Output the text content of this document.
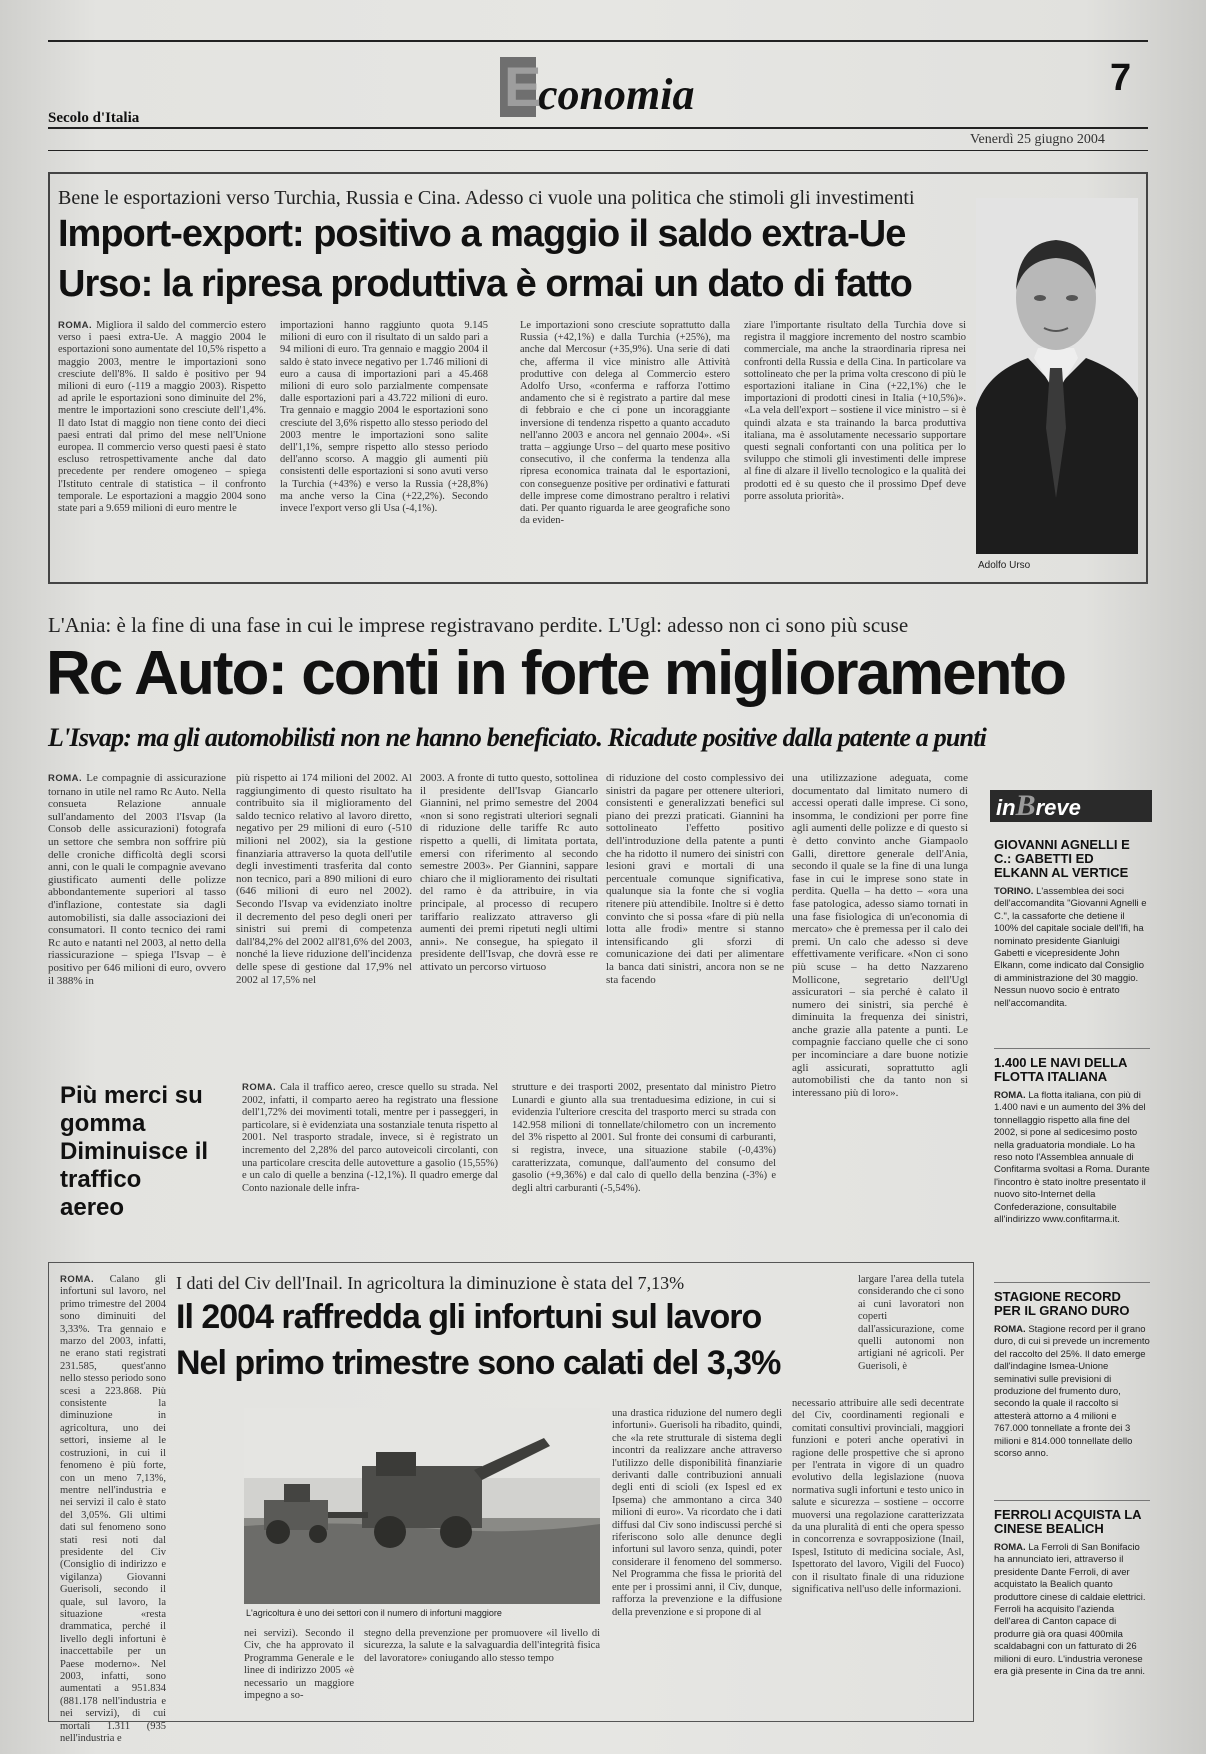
E
conomia	7
Secolo d'Italia
Venerdì 25 giugno 2004
Bene le esportazioni verso Turchia, Russia e Cina. Adesso ci vuole una politica che stimoli gli investimenti
Import-export: positivo a maggio il saldo extra-Ue
Urso: la ripresa produttiva è ormai un dato di fatto

ROMA. Migliora il saldo del commercio estero verso i paesi extra-Ue. A maggio 2004 le esportazioni sono aumentate del 10,5% rispetto a maggio 2003, mentre le importazioni sono cresciute dell'8%. Il saldo è positivo per 94 milioni di euro (-119 a maggio 2003). Rispetto ad aprile le esportazioni sono diminuite del 2%, mentre le importazioni sono cresciute dell'1,4%. Il dato Istat di maggio non tiene conto dei dieci paesi entrati dal primo del mese nell'Unione europea. Il commercio verso questi paesi è stato escluso retrospettivamente anche dal dato precedente per rendere omogeneo – spiega l'Istituto centrale di statistica – il confronto temporale. Le esportazioni a maggio 2004 sono state pari a 9.659 milioni di euro mentre le

importazioni hanno raggiunto quota 9.145 milioni di euro con il risultato di un saldo pari a 94 milioni di euro. Tra gennaio e maggio 2004 il saldo è stato invece negativo per 1.746 milioni di euro a causa di importazioni pari a 45.468 milioni di euro solo parzialmente compensate dalle esportazioni pari a 43.722 milioni di euro. Tra gennaio e maggio 2004 le esportazioni sono cresciute del 3,6% rispetto allo stesso periodo del 2003 mentre le importazioni sono salite dell'1,1%, sempre rispetto allo stesso periodo dell'anno scorso. A maggio gli aumenti più consistenti delle esportazioni si sono avuti verso la Turchia (+43%) e verso la Russia (+28,8%) ma anche verso la Cina (+22,2%). Secondo invece l'export verso gli Usa (-4,1%).

Le importazioni sono cresciute soprattutto dalla Russia (+42,1%) e dalla Turchia (+25%), ma anche dal Mercosur (+35,9%). Una serie di dati che, afferma il vice ministro alle Attività produttive con delega al Commercio estero Adolfo Urso, «conferma e rafforza l'ottimo andamento che si è registrato a partire dal mese di febbraio e che ci pone un incoraggiante inversione di tendenza rispetto a quanto accaduto nell'anno 2003 e ancora nel gennaio 2004». «Si tratta – aggiunge Urso – del quarto mese positivo consecutivo, il che conferma la tendenza alla ripresa economica trainata dal le esportazioni, con conseguenze positive per ordinativi e fatturati delle imprese come dimostrano peraltro i relativi dati. Per quanto riguarda le aree geografiche sono da eviden-

ziare l'importante risultato della Turchia dove si registra il maggiore incremento del nostro scambio commerciale, ma anche la straordinaria ripresa nei confronti della Russia e della Cina. In particolare va sottolineato che per la prima volta crescono di più le esportazioni italiane in Cina (+22,1%) che le importazioni di prodotti cinesi in Italia (+10,5%)». «La vela dell'export – sostiene il vice ministro – si è quindi alzata e sta trainando la barca produttiva italiana, ma è assolutamente necessario supportare questi segnali confortanti con una politica per lo sviluppo che stimoli gli investimenti delle imprese al fine di alzare il livello tecnologico e la qualità dei prodotti ed è su questo che il prossimo Dpef deve porre assoluta priorità».

Adolfo Urso
L'Ania: è la fine di una fase in cui le imprese registravano perdite. L'Ugl: adesso non ci sono più scuse
Rc Auto: conti in forte miglioramento
L'Isvap: ma gli automobilisti non ne hanno beneficiato. Ricadute positive dalla patente a punti

ROMA. Le compagnie di assicurazione tornano in utile nel ramo Rc Auto. Nella consueta Relazione annuale sull'andamento del 2003 l'Isvap (la Consob delle assicurazioni) fotografa un settore che sembra non soffrire più delle croniche difficoltà degli scorsi anni, con le quali le compagnie avevano giustificato aumenti delle polizze abbondantemente superiori al tasso d'inflazione, contestate sia dagli automobilisti, sia dalle associazioni dei consumatori. Il conto tecnico dei rami Rc auto e natanti nel 2003, al netto della riassicurazione – spiega l'Isvap – è positivo per 646 milioni di euro, ovvero il 388% in

più rispetto ai 174 milioni del 2002. Al raggiungimento di questo risultato ha contribuito sia il miglioramento del saldo tecnico relativo al lavoro diretto, negativo per 29 milioni di euro (-510 milioni nel 2002), sia la gestione finanziaria attraverso la quota dell'utile degli investimenti trasferita dal conto non tecnico, pari a 890 milioni di euro (646 milioni di euro nel 2002). Secondo l'Isvap va evidenziato inoltre il decremento del peso degli oneri per sinistri sui premi di competenza dall'84,2% del 2002 all'81,6% del 2003, nonché la lieve riduzione dell'incidenza delle spese di gestione dal 17,9% nel 2002 al 17,5% nel

2003. A fronte di tutto questo, sottolinea il presidente dell'Isvap Giancarlo Giannini, nel primo semestre del 2004 «non si sono registrati ulteriori segnali di riduzione delle tariffe Rc auto rispetto a quelli, di limitata portata, emersi con riferimento al secondo semestre 2003». Per Giannini, sappare chiaro che il miglioramento dei risultati del ramo è da attribuire, in via principale, al processo di recupero tariffario realizzato attraverso gli aumenti dei premi ripetuti negli ultimi anni». Ne consegue, ha spiegato il presidente dell'Isvap, che dovrà esse re attivato un percorso virtuoso

di riduzione del costo complessivo dei sinistri da pagare per ottenere ulteriori, consistenti e generalizzati benefici sul piano dei prezzi praticati. Giannini ha sottolineato l'effetto positivo dell'introduzione della patente a punti che ha ridotto il numero dei sinistri con lesioni gravi e mortali di una percentuale comunque significativa, qualunque sia la fonte che si voglia ritenere più attendibile. Inoltre si è detto convinto che si possa «fare di più nella lotta alle frodi» mentre si stanno intensificando gli sforzi di comunicazione dei dati per alimentare la banca dati sinistri, ancora non se ne sta facendo

una utilizzazione adeguata, come documentato dal limitato numero di accessi operati dalle imprese. Ci sono, insomma, le condizioni per porre fine agli aumenti delle polizze e di questo si è detto convinto anche Giampaolo Galli, direttore generale dell'Ania, secondo il quale se la fine di una lunga fase in cui le imprese sono state in perdita. Quella – ha detto – «ora una fase patologica, adesso siamo tornati in una fase fisiologica di un'economia di mercato» che è premessa per il calo dei premi. Un calo che adesso si deve effettivamente verificare. «Non ci sono più scuse – ha detto Nazzareno Mollicone, segretario dell'Ugl assicuratori – sia perché è calato il numero dei sinistri, sia perché è diminuita la frequenza dei sinistri, anche grazie alla patente a punti. Le compagnie facciano quelle che ci sono per incominciare a dare buone notizie agli assicurati, soprattutto agli automobilisti che da tanto non si interessano più di loro».

Più merci su gomma Diminuisce il traffico aereo

ROMA. Cala il traffico aereo, cresce quello su strada. Nel 2002, infatti, il comparto aereo ha registrato una flessione dell'1,72% dei movimenti totali, mentre per i passeggeri, in particolare, si è evidenziata una sostanziale tenuta rispetto al 2001. Nel trasporto stradale, invece, si è registrato un incremento del 2,28% del parco autoveicoli circolanti, con una particolare crescita delle autovetture a gasolio (15,55%) e un calo di quelle a benzina (-12,1%). Il quadro emerge dal Conto nazionale delle infra-

strutture e dei trasporti 2002, presentato dal ministro Pietro Lunardi e giunto alla sua trentaduesima edizione, in cui si evidenzia l'ulteriore crescita del trasporto merci su strada con 142.958 milioni di tonnellate/chilometro con un incremento del 3% rispetto al 2001. Sul fronte dei consumi di carburanti, si registra, invece, una situazione stabile (-0,43%) caratterizzata, comunque, dall'aumento del consumo del gasolio (+9,36%) e dal calo di quello della benzina (-3%) e degli altri carburanti (-5,54%).

inBreve

GIOVANNI AGNELLI E C.: GABETTI ED ELKANN AL VERTICE

TORINO. L'assemblea dei soci dell'accomandita "Giovanni Agnelli e C.", la cassaforte che detiene il 100% del capitale sociale dell'Ifi, ha nominato presidente Gianluigi Gabetti e vicepresidente John Elkann, come indicato dal Consiglio di amministrazione del 30 maggio. Nessun nuovo socio è entrato nell'accomandita.

1.400 LE NAVI DELLA FLOTTA ITALIANA

ROMA. La flotta italiana, con più di 1.400 navi e un aumento del 3% del tonnellaggio rispetto alla fine del 2002, si pone al sedicesimo posto nella graduatoria mondiale. Lo ha reso noto l'Assemblea annuale di Confitarma svoltasi a Roma. Durante l'incontro è stato inoltre presentato il nuovo sito-Internet della Confederazione, consultabile all'indirizzo www.confitarma.it.

STAGIONE RECORD PER IL GRANO DURO

ROMA. Stagione record per il grano duro, di cui si prevede un incremento del raccolto del 25%. Il dato emerge dall'indagine Ismea-Unione seminativi sulle previsioni di produzione del frumento duro, secondo la quale il raccolto si attesterà attorno a 4 milioni e 767.000 tonnellate a fronte dei 3 milioni e 814.000 tonnellate dello scorso anno.

FERROLI ACQUISTA LA CINESE BEALICH

ROMA. La Ferroli di San Bonifacio ha annunciato ieri, attraverso il presidente Dante Ferroli, di aver acquistato la Bealich quanto produttore cinese di caldaie elettrici. Ferroli ha acquisito l'azienda dell'area di Canton capace di produrre già ora quasi 400mila scaldabagni con un fatturato di 26 milioni di euro. L'industria veronese era già presente in Cina da tre anni.

ROMA. Calano gli infortuni sul lavoro, nel primo trimestre del 2004 sono diminuiti del 3,33%. Tra gennaio e marzo del 2003, infatti, ne erano stati registrati 231.585, quest'anno nello stesso periodo sono scesi a 223.868. Più consistente la diminuzione in agricoltura, uno dei settori, insieme al le costruzioni, in cui il fenomeno è più forte, con un meno 7,13%, mentre nell'industria e nei servizi il calo è stato del 3,05%. Gli ultimi dati sul fenomeno sono stati resi noti dal presidente del Civ (Consiglio di indirizzo e vigilanza) Giovanni Guerisoli, secondo il quale, sul lavoro, la situazione «resta drammatica, perché il livello degli infortuni è inaccettabile per un Paese moderno». Nel 2003, infatti, sono aumentati a 951.834 (881.178 nell'industria e nei servizi), di cui mortali 1.311 (935 nell'industria e

I dati del Civ dell'Inail. In agricoltura la diminuzione è stata del 7,13%
Il 2004 raffredda gli infortuni sul lavoro
Nel primo trimestre sono calati del 3,3%

largare l'area della tutela considerando che ci sono ai cuni lavoratori non coperti dall'assicurazione, come quelli autonomi non artigiani né agricoli. Per Guerisoli, è

L'agricoltura è uno dei settori con il numero di infortuni maggiore

nei servizi). Secondo il Civ, che ha approvato il Programma Generale e le linee di indirizzo 2005 «è necessario un maggiore impegno a so-

stegno della prevenzione per promuovere «il livello di sicurezza, la salute e la salvaguardia dell'integrità fisica del lavoratore» coniugando allo stesso tempo

una drastica riduzione del numero degli infortuni». Guerisoli ha ribadito, quindi, che «la rete strutturale di sistema degli incontri da realizzare anche attraverso l'utilizzo delle disponibilità finanziarie derivanti dalle contribuzioni annuali degli enti di scioli (ex Ispesl ed ex Ipsema) che ammontano a circa 340 milioni di euro». Va ricordato che i dati diffusi dal Civ sono indiscussi perché si riferiscono solo alle denunce degli infortuni sul lavoro senza, quindi, poter considerare il fenomeno del sommerso. Nel Programma che fissa le priorità del ente per i prossimi anni, il Civ, dunque, rafforza la prevenzione e la diffusione della prevenzione e si propone di al

necessario attribuire alle sedi decentrate del Civ, coordinamenti regionali e comitati consultivi provinciali, maggiori funzioni e poteri anche operativi in ragione delle prospettive che si aprono per l'entrata in vigore di un quadro evolutivo della legislazione (nuova normativa sugli infortuni e testo unico in salute e sicurezza – sostiene – occorre muoversi una regolazione caratterizzata da una pluralità di enti che opera spesso in concorrenza e sovrapposizione (Inail, Ispesl, Istituto di medicina sociale, Asl, Ispettorato del lavoro, Vigili del Fuoco) con il risultato finale di una riduzione significativa nell'uso delle informazioni.
